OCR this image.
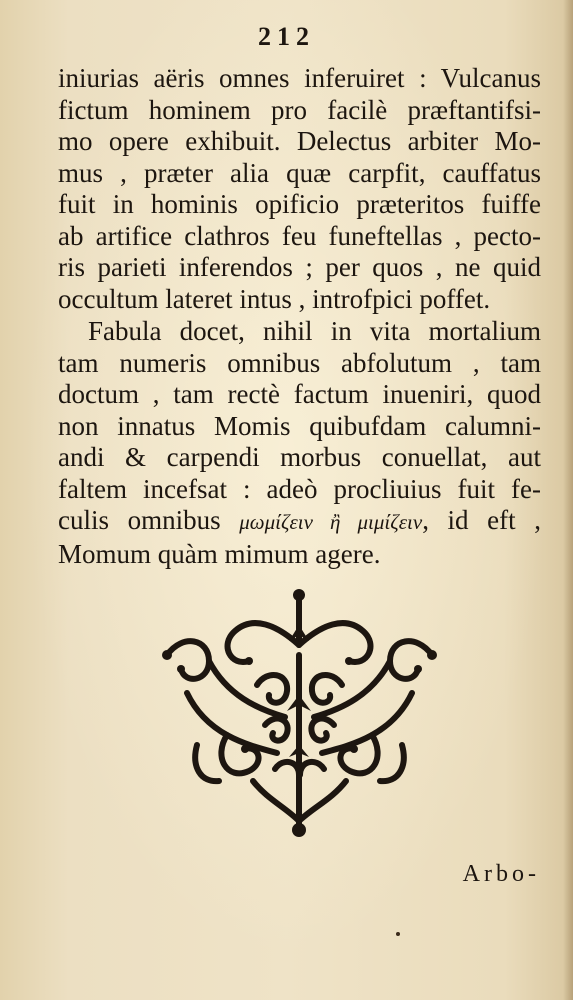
212
iniurias aëris omnes inferuiret : Vulcanus
fictum hominem pro facilè præftantifsi-
mo opere exhibuit. Delectus arbiter Mo-
mus , præter alia quæ carpfit, cauffatus
fuit in hominis opificio præteritos fuiffe
ab artifice clathros feu funeftellas , pecto-
ris parieti inferendos ; per quos , ne quid
occultum lateret intus , introfpici poffet.
Fabula docet, nihil in vita mortalium
tam numeris omnibus abfolutum , tam
doctum , tam rectè factum inueniri, quod
non innatus Momis quibufdam calumni-
andi & carpendi morbus conuellat, aut
faltem incefsat : adeò procliuius fuit fe-
culis omnibus μωμίζειν ἢ μιμίζειν, id eft ,
Momum quàm mimum agere.
Arbo-
